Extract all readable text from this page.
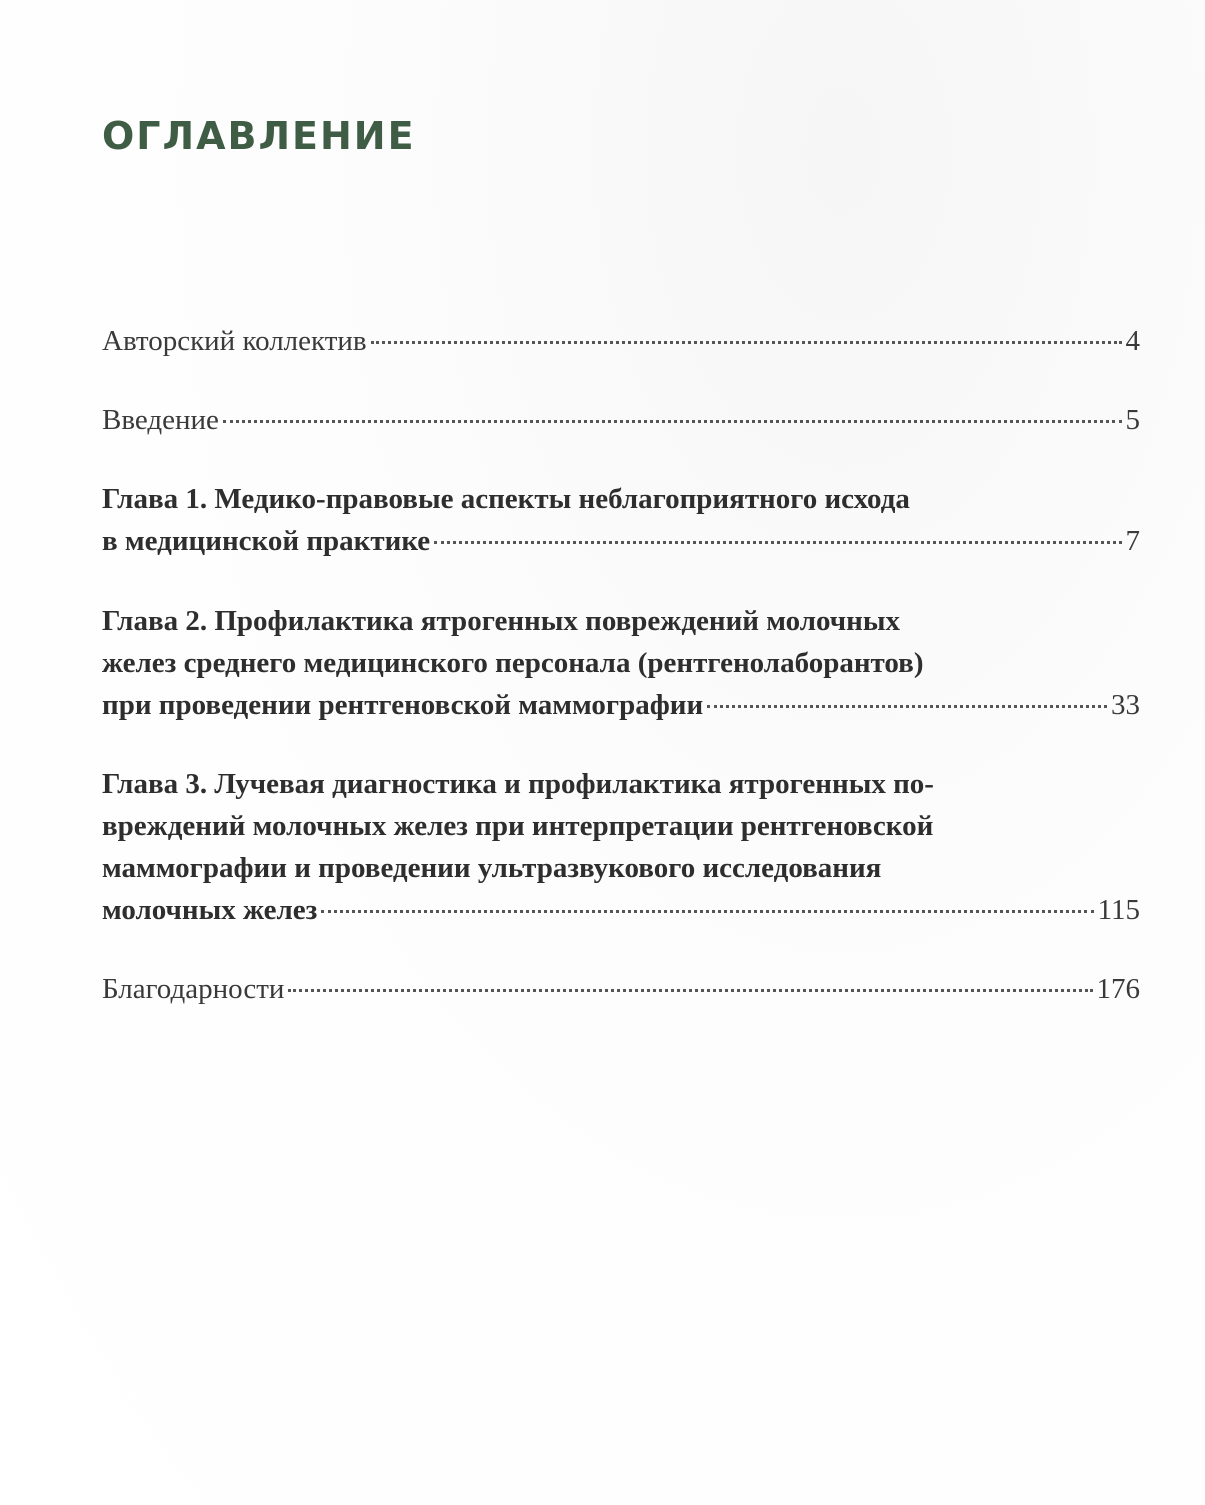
ОГЛАВЛЕНИЕ
Авторский коллектив	4
Введение	5
Глава 1. Медико-правовые аспекты неблагоприятного исхода
в медицинской практике	7
Глава 2. Профилактика ятрогенных повреждений молочных
желез среднего медицинского персонала (рентгенолаборантов)
при проведении рентгеновской маммографии	33
Глава 3. Лучевая диагностика и профилактика ятрогенных по-
вреждений молочных желез при интерпретации рентгеновской
маммографии и проведении ультразвукового исследования
молочных желез	115
Благодарности	176
